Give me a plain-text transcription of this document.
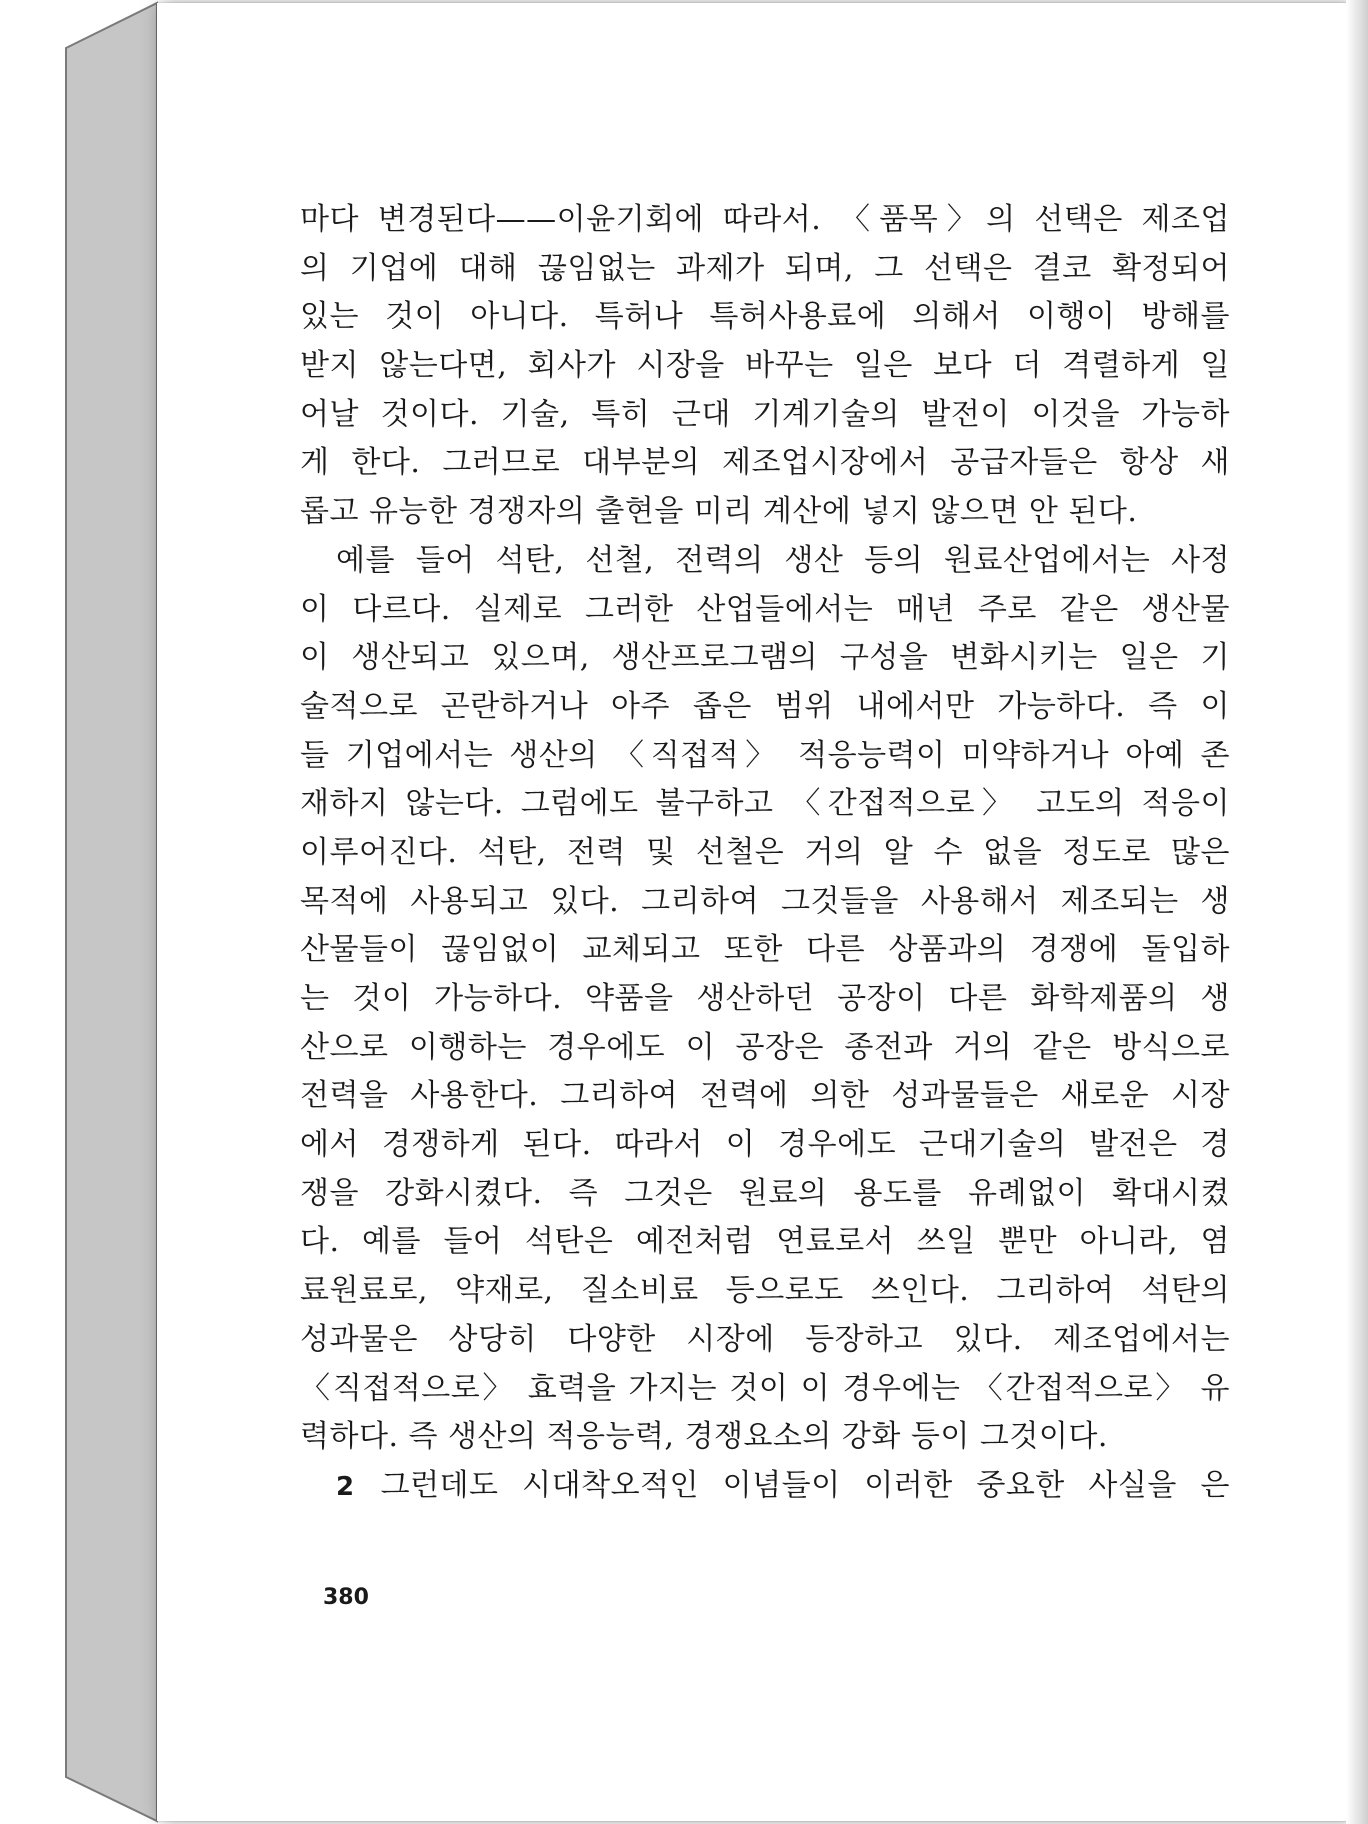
마다 변경된다——이윤기회에 따라서. 〈품목〉의 선택은 제조업
의 기업에 대해 끊임없는 과제가 되며, 그 선택은 결코 확정되어
있는 것이 아니다. 특허나 특허사용료에 의해서 이행이 방해를
받지 않는다면, 회사가 시장을 바꾸는 일은 보다 더 격렬하게 일
어날 것이다. 기술, 특히 근대 기계기술의 발전이 이것을 가능하
게 한다. 그러므로 대부분의 제조업시장에서 공급자들은 항상 새
롭고 유능한 경쟁자의 출현을 미리 계산에 넣지 않으면 안 된다.
예를 들어 석탄, 선철, 전력의 생산 등의 원료산업에서는 사정
이 다르다. 실제로 그러한 산업들에서는 매년 주로 같은 생산물
이 생산되고 있으며, 생산프로그램의 구성을 변화시키는 일은 기
술적으로 곤란하거나 아주 좁은 범위 내에서만 가능하다. 즉 이
들 기업에서는 생산의 〈직접적〉 적응능력이 미약하거나 아예 존
재하지 않는다. 그럼에도 불구하고 〈간접적으로〉 고도의 적응이
이루어진다. 석탄, 전력 및 선철은 거의 알 수 없을 정도로 많은
목적에 사용되고 있다. 그리하여 그것들을 사용해서 제조되는 생
산물들이 끊임없이 교체되고 또한 다른 상품과의 경쟁에 돌입하
는 것이 가능하다. 약품을 생산하던 공장이 다른 화학제품의 생
산으로 이행하는 경우에도 이 공장은 종전과 거의 같은 방식으로
전력을 사용한다. 그리하여 전력에 의한 성과물들은 새로운 시장
에서 경쟁하게 된다. 따라서 이 경우에도 근대기술의 발전은 경
쟁을 강화시켰다. 즉 그것은 원료의 용도를 유례없이 확대시켰
다. 예를 들어 석탄은 예전처럼 연료로서 쓰일 뿐만 아니라, 염
료원료로, 약재로, 질소비료 등으로도 쓰인다. 그리하여 석탄의
성과물은 상당히 다양한 시장에 등장하고 있다. 제조업에서는
〈직접적으로〉 효력을 가지는 것이 이 경우에는 〈간접적으로〉 유
력하다. 즉 생산의 적응능력, 경쟁요소의 강화 등이 그것이다.
2 그런데도 시대착오적인 이념들이 이러한 중요한 사실을 은
380
